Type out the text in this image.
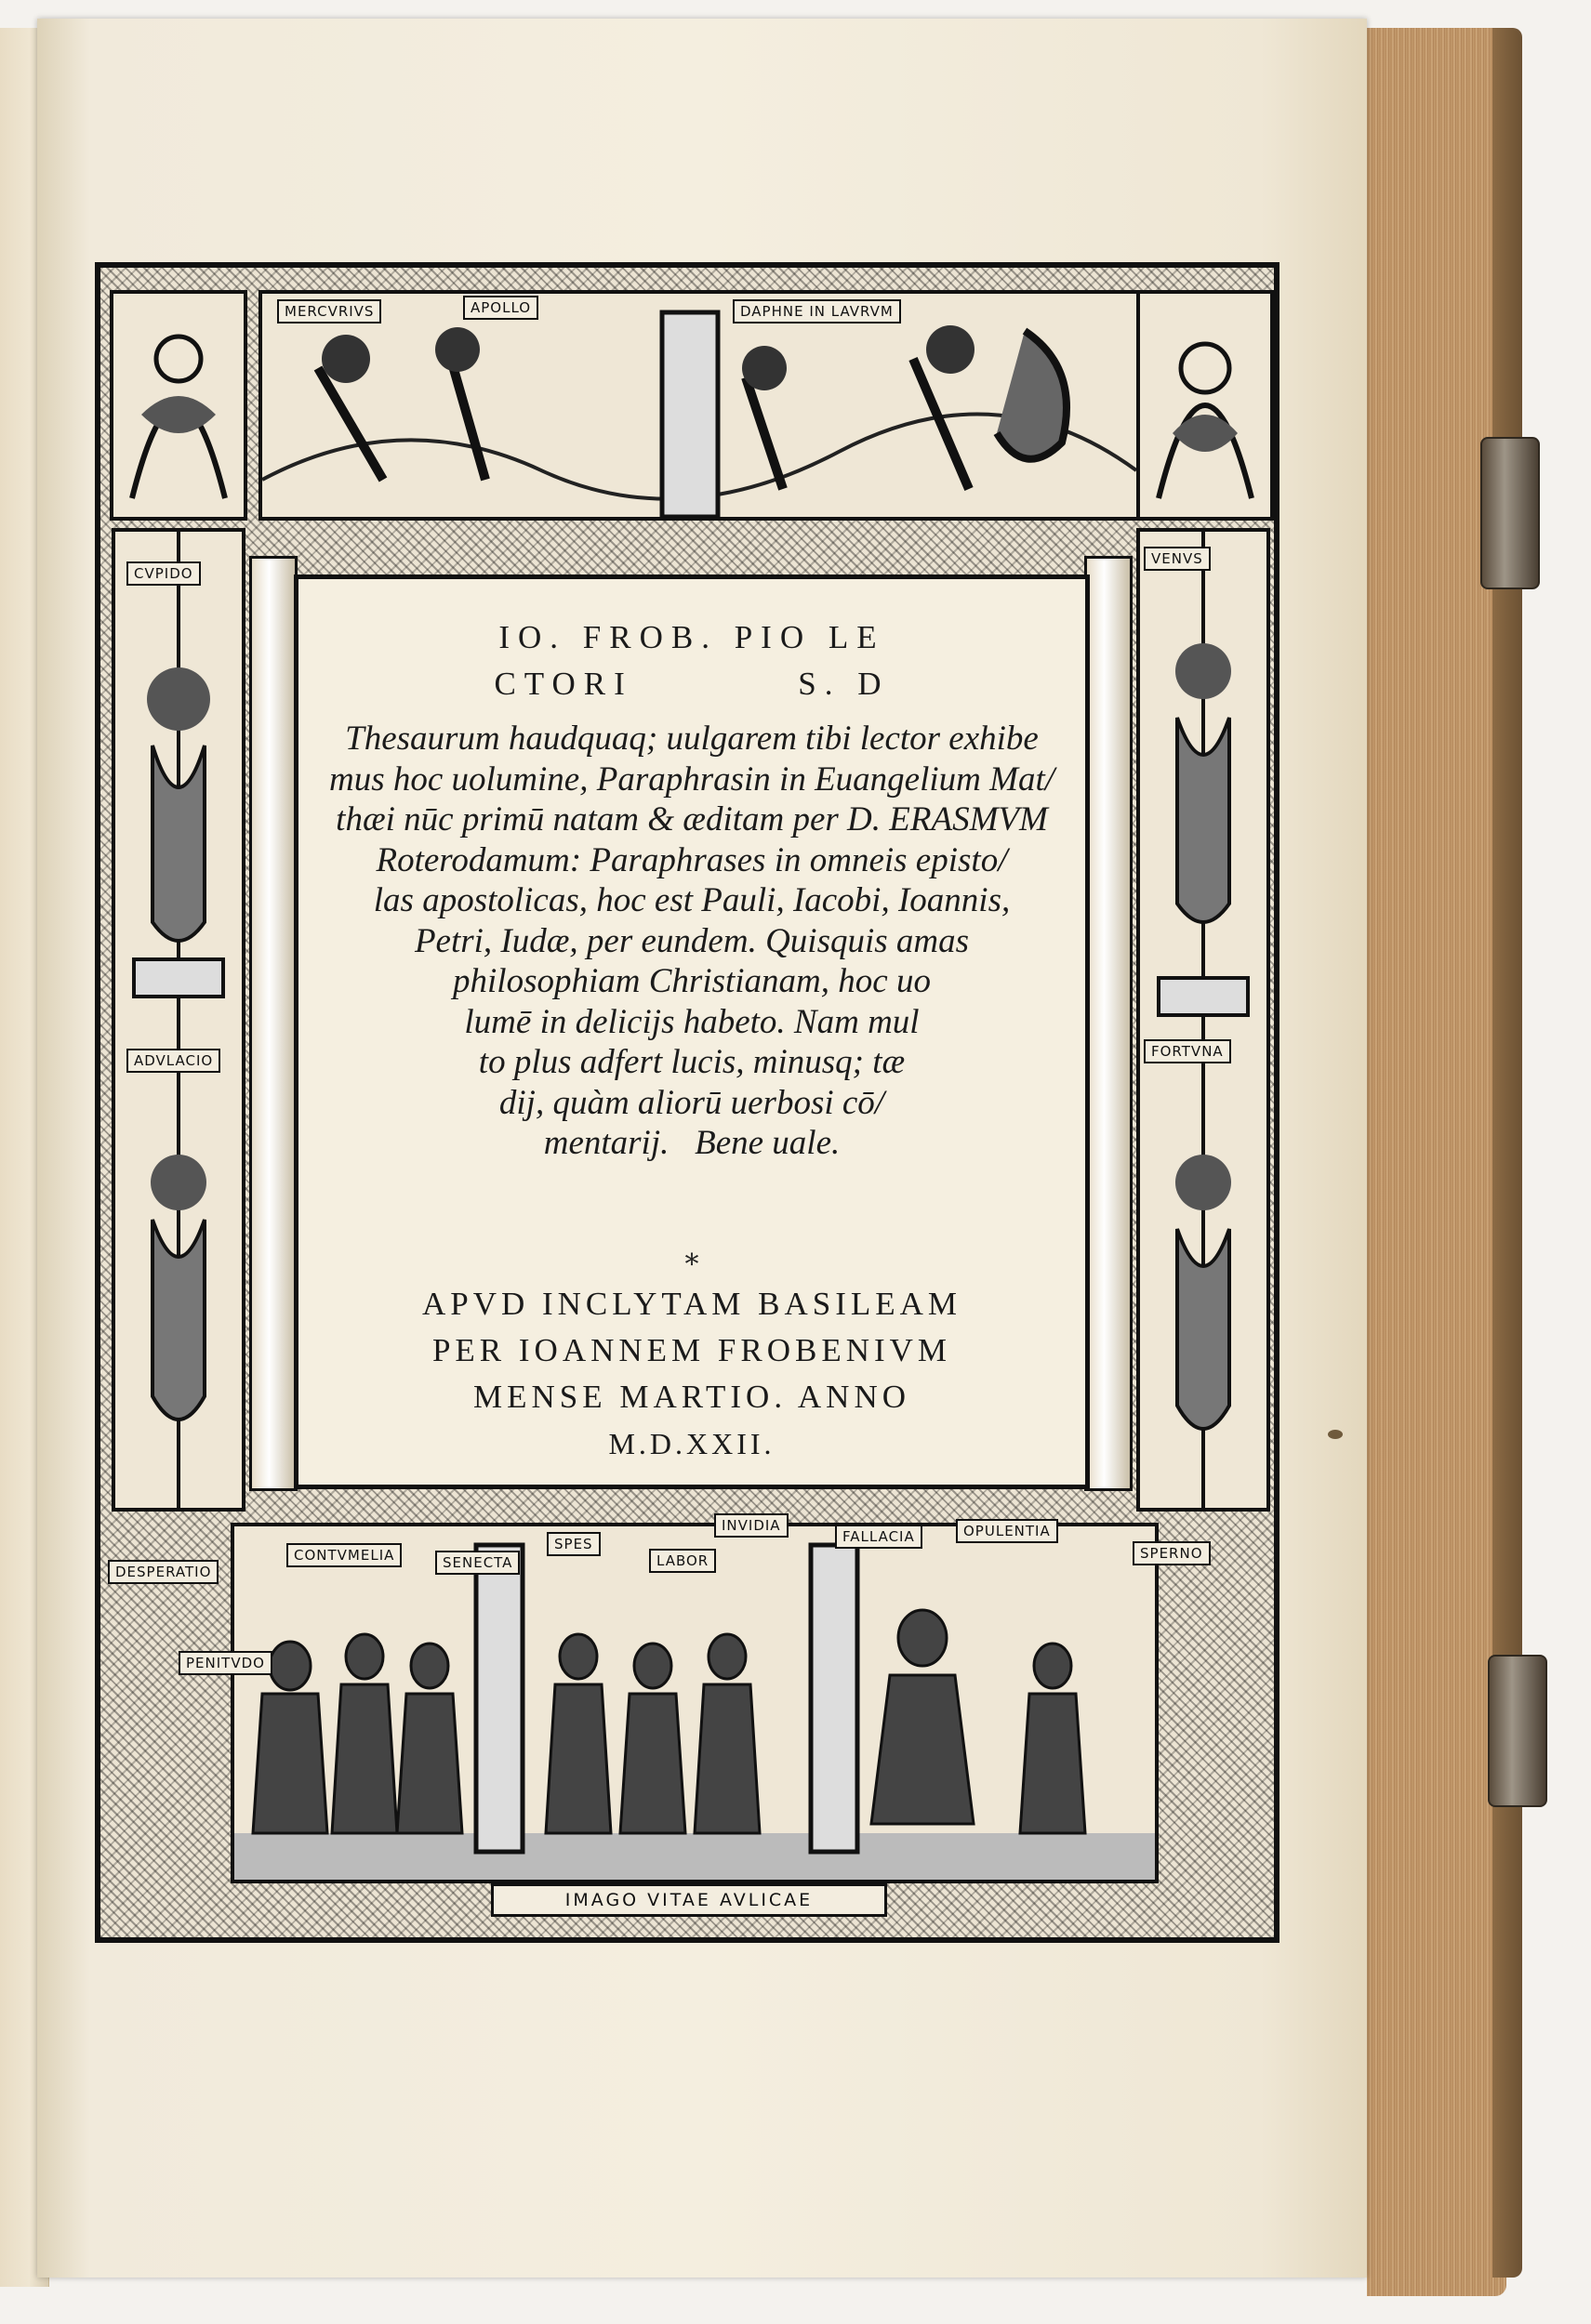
MERCVRIVS	APOLLO	DAPHNE IN LAVRVM
CVPIDO
ADVLACIO
VENVS
FORTVNA

IO. FROB. PIO LE

CTORI          S. D

Thesaurum haudquaq; uulgarem tibi lector exhibe

mus hoc uolumine, Paraphrasin in Euangelium Mat/

thæi nūc primū natam & æditam per D. ERASMVM

Roterodamum: Paraphrases in omneis episto/

las apostolicas, hoc est Pauli, Iacobi, Ioannis,

Petri, Iudæ, per eundem. Quisquis amas

philosophiam Christianam, hoc uo

lumē in delicijs habeto. Nam mul

to plus adfert lucis, minusq; tæ

dij, quàm aliorū uerbosi cō/

mentarij.   Bene uale.

*

APVD INCLYTAM BASILEAM

PER IOANNEM FROBENIVM

MENSE MARTIO. ANNO

M.D.XXII.
DESPERATIO
CONTVMELIA	SENECTA	LABOR
PENITVDO
SPES
INVIDIA
FALLACIA	OPULENTIA
SPERNO
IMAGO VITAE AVLICAE
